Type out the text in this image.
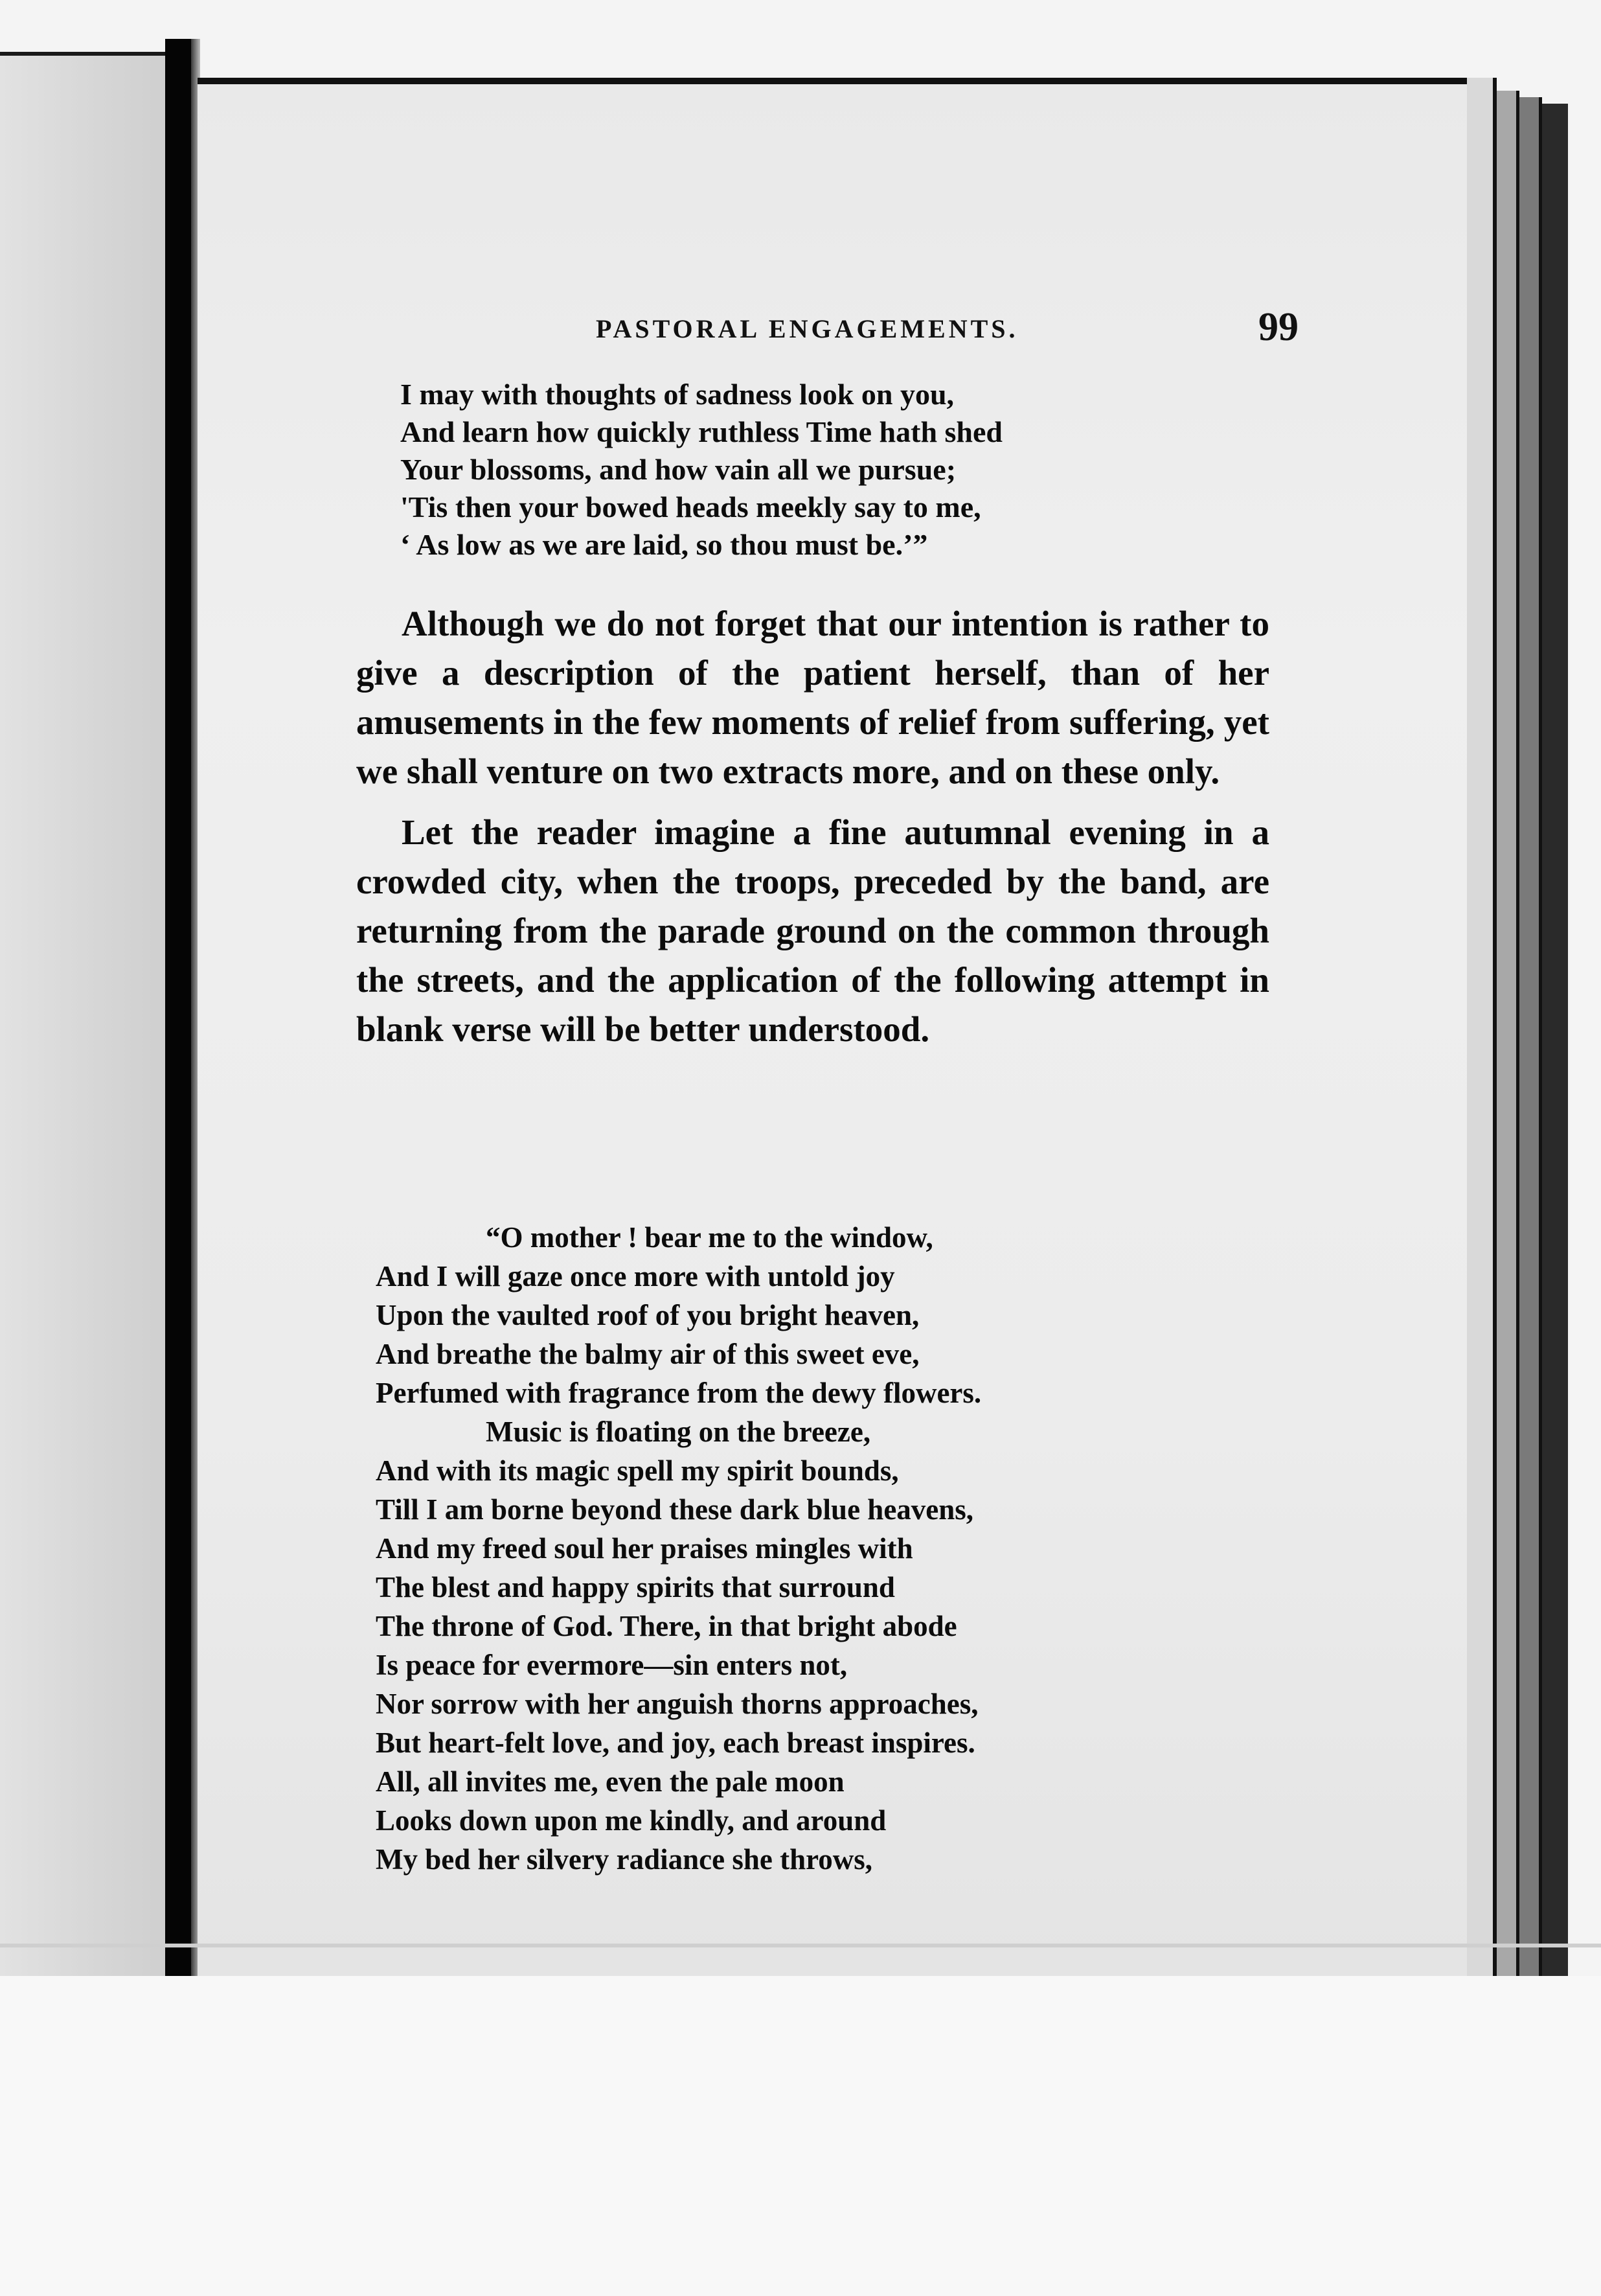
PASTORAL ENGAGEMENTS.	99
I may with thoughts of sadness look on you,
And learn how quickly ruthless Time hath shed
Your blossoms, and how vain all we pursue;
'Tis then your bowed heads meekly say to me,
‘ As low as we are laid, so thou must be.’”

Although we do not forget that our intention is rather to give a description of the patient herself, than of her amusements in the few moments of relief from suffering, yet we shall venture on two extracts more, and on these only.

Let the reader imagine a fine autumnal evening in a crowded city, when the troops, preceded by the band, are returning from the parade ground on the common through the streets, and the application of the following attempt in blank verse will be better understood.

“O mother ! bear me to the window,
And I will gaze once more with untold joy
Upon the vaulted roof of you bright heaven,
And breathe the balmy air of this sweet eve,
Perfumed with fragrance from the dewy flowers.
Music is floating on the breeze,
And with its magic spell my spirit bounds,
Till I am borne beyond these dark blue heavens,
And my freed soul her praises mingles with
The blest and happy spirits that surround
The throne of God. There, in that bright abode
Is peace for evermore—sin enters not,
Nor sorrow with her anguish thorns approaches,
But heart-felt love, and joy, each breast inspires.
All, all invites me, even the pale moon
Looks down upon me kindly, and around
My bed her silvery radiance she throws,
